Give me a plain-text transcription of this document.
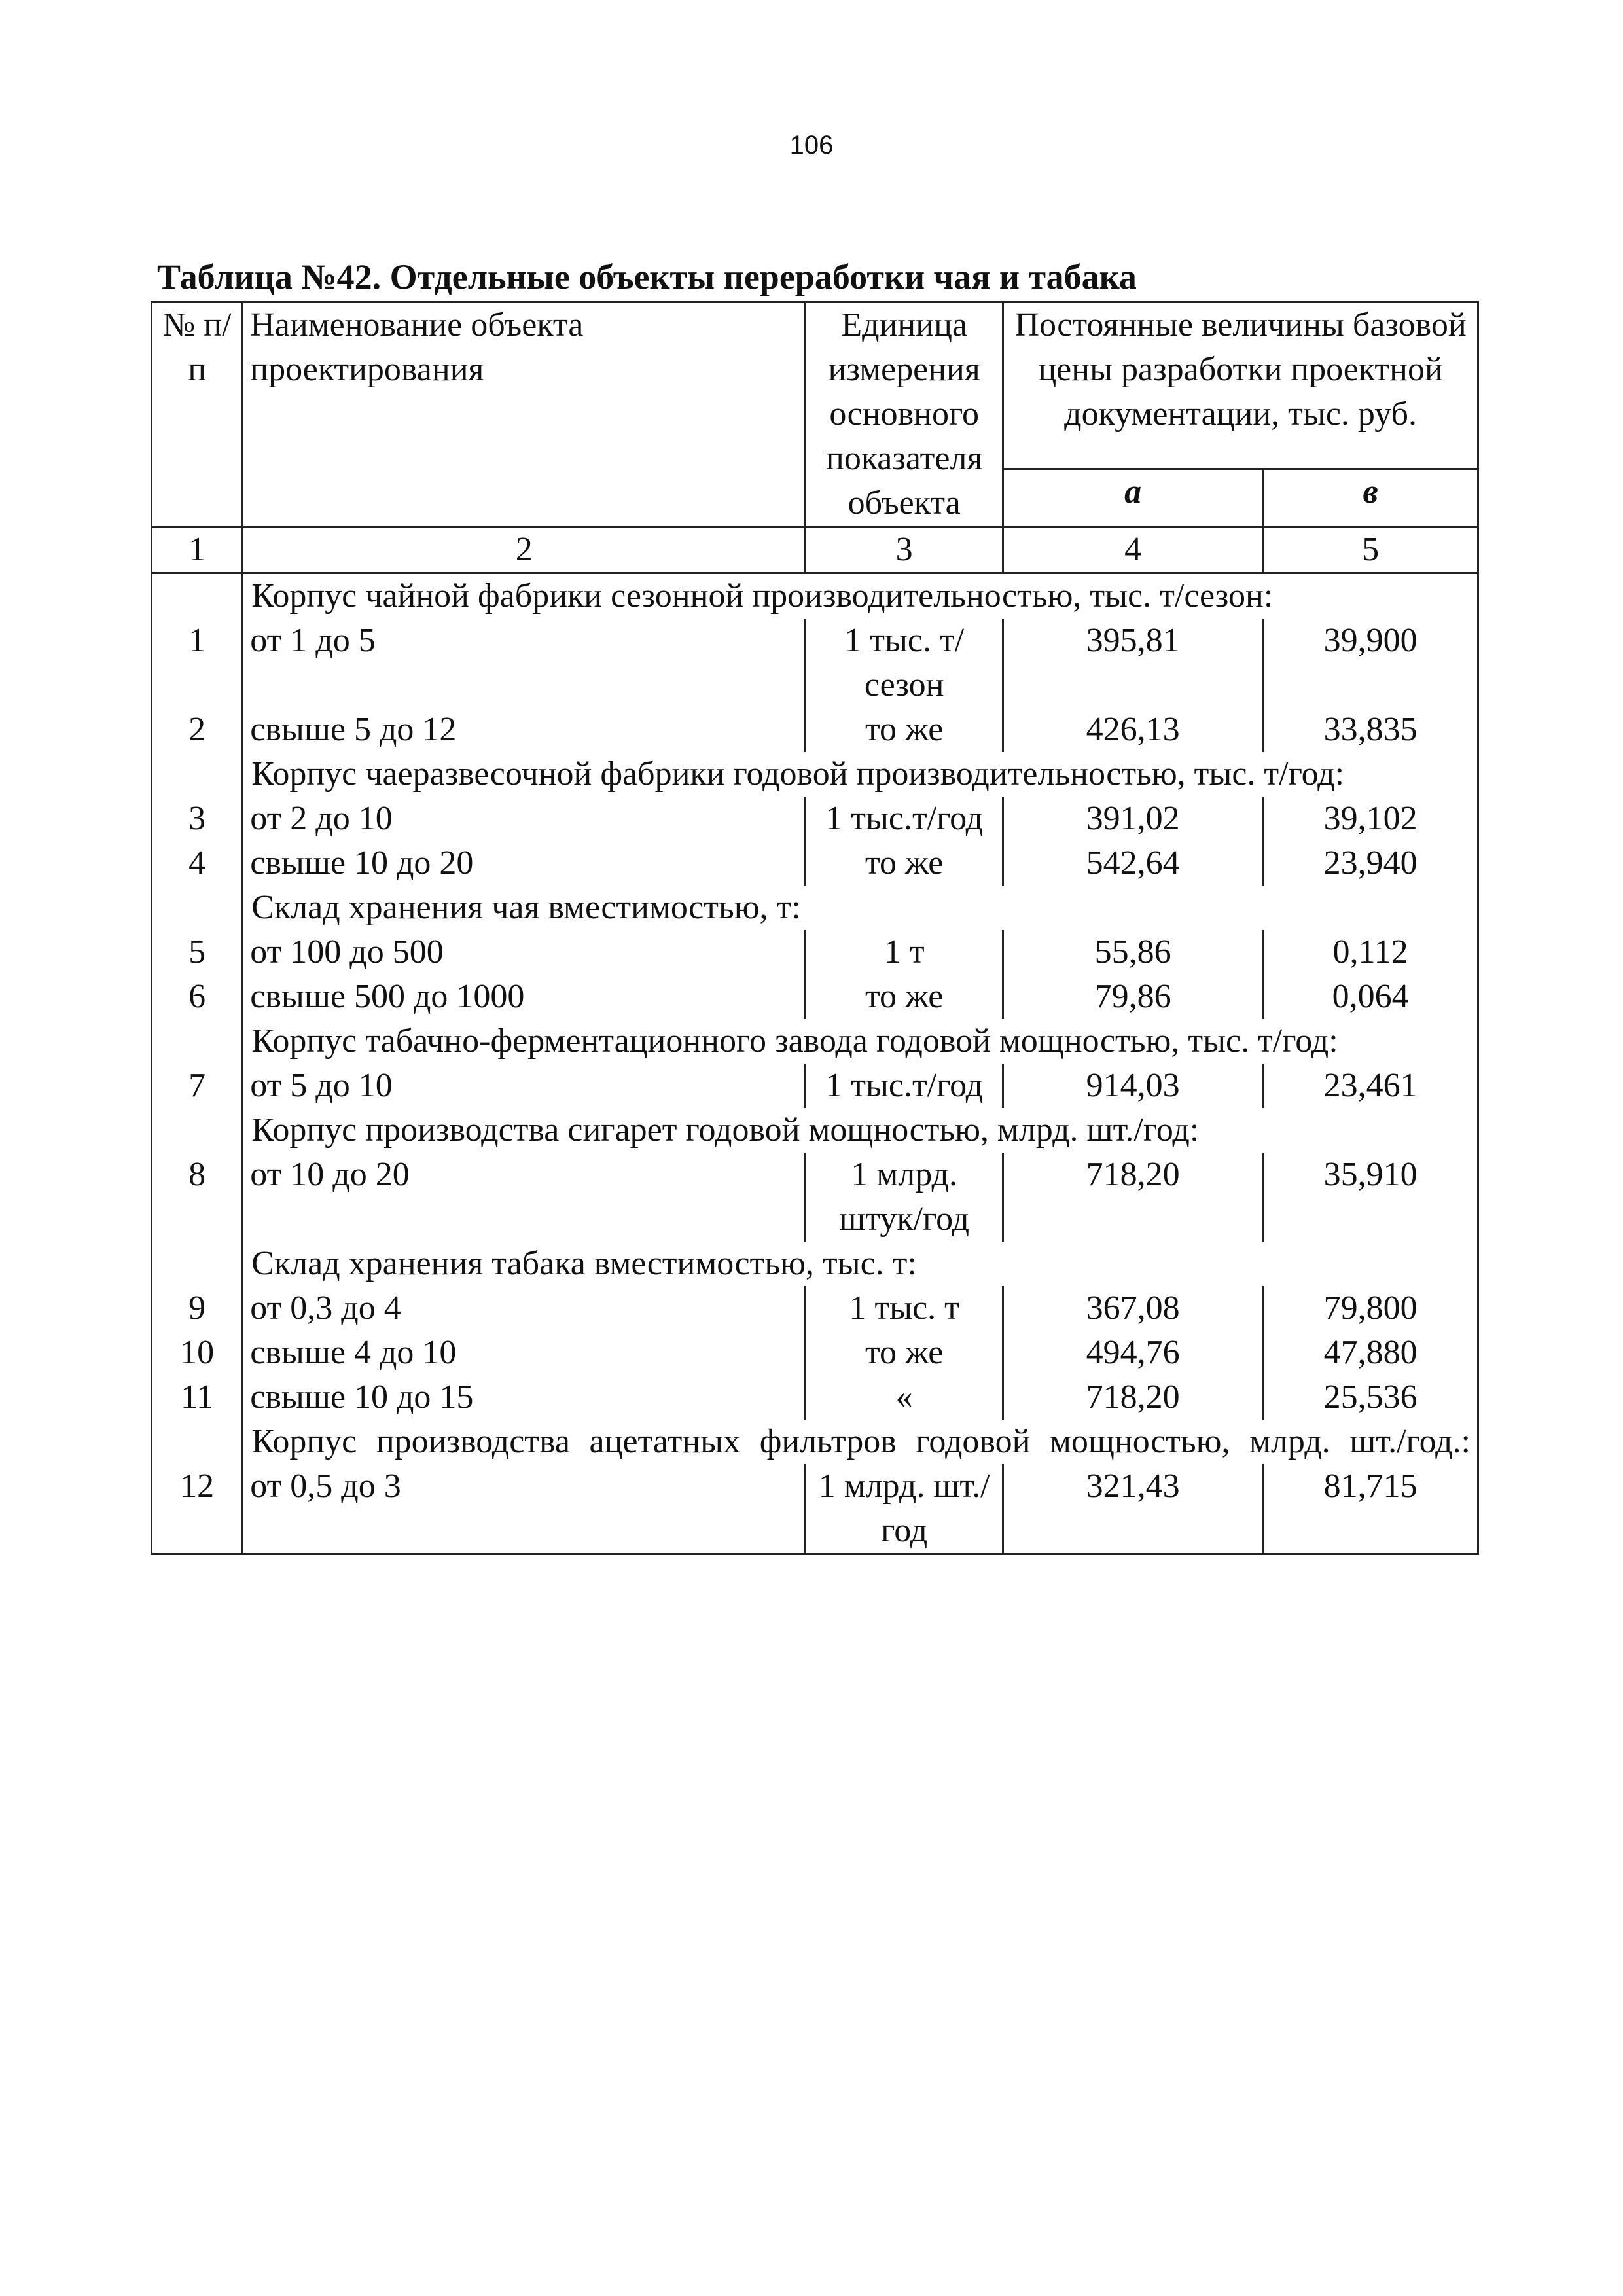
106
Таблица №42. Отдельные объекты переработки чая и табака
№ п/п	Наименование объекта проектирования	Единица измерения основного показателя объекта	Постоянные величины базовой цены разработки проектной документации, тыс. руб.	
			а	в
1	2	3	4	5
	Корпус чайной фабрики сезонной производительностью, тыс. т/сезон:			
1	от 1 до 5	1 тыс. т/сезон	395,81	39,900
2	свыше 5 до 12	то же	426,13	33,835
	Корпус чаеразвесочной фабрики годовой производительностью, тыс. т/год:			
3	от 2 до 10	1 тыс.т/год	391,02	39,102
4	свыше 10 до 20	то же	542,64	23,940
	Склад хранения чая вместимостью, т:			
5	от 100 до 500	1 т	55,86	0,112
6	свыше 500 до 1000	то же	79,86	0,064
	Корпус табачно-ферментационного завода годовой мощностью, тыс. т/год:			
7	от 5 до 10	1 тыс.т/год	914,03	23,461
	Корпус производства сигарет годовой мощностью, млрд. шт./год:			
8	от 10 до 20	1 млрд. штук/год	718,20	35,910
	Склад хранения табака вместимостью, тыс. т:			
9	от 0,3 до 4	1 тыс. т	367,08	79,800
10	свыше 4 до 10	то же	494,76	47,880
11	свыше 10 до 15	«	718,20	25,536
	Корпус производства ацетатных фильтров годовой мощностью, млрд. шт./год.:			
12	от 0,5 до 3	1 млрд. шт./год	321,43	81,715
